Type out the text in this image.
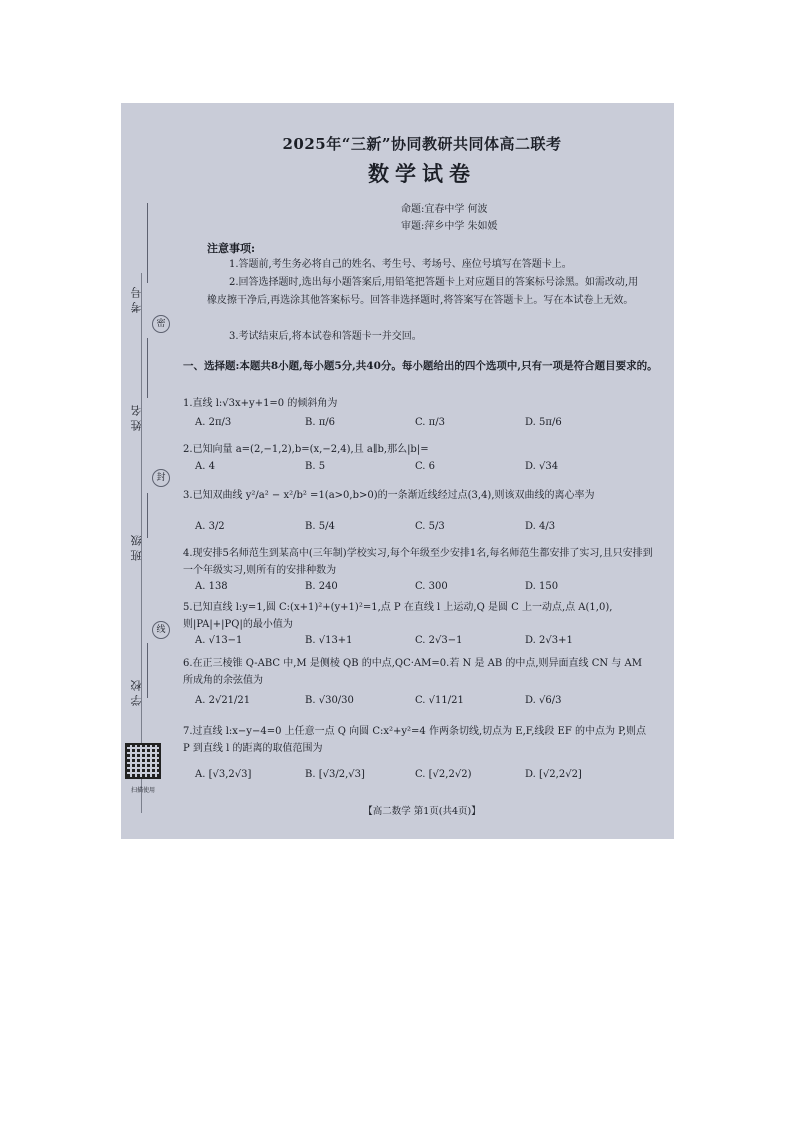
考号
密
姓名
封
班级
线
学校
扫描使用
2025年“三新”协同教研共同体高二联考
数学试卷
命题:宜春中学 何波
审题:萍乡中学 朱如媛
注意事项:
1.答题前,考生务必将自己的姓名、考生号、考场号、座位号填写在答题卡上。
2.回答选择题时,选出每小题答案后,用铅笔把答题卡上对应题目的答案标号涂黑。如需改动,用橡皮擦干净后,再选涂其他答案标号。回答非选择题时,将答案写在答题卡上。写在本试卷上无效。
3.考试结束后,将本试卷和答题卡一并交回。
一、选择题:本题共8小题,每小题5分,共40分。每小题给出的四个选项中,只有一项是符合题目要求的。
1.直线 l:√3x+y+1=0 的倾斜角为
A. 2π/3	B. π/6	C. π/3	D. 5π/6
2.已知向量 a=(2,−1,2),b=(x,−2,4),且 a∥b,那么|b|=
A. 4	B. 5	C. 6	D. √34
3.已知双曲线 y²/a² − x²/b² =1(a>0,b>0)的一条渐近线经过点(3,4),则该双曲线的离心率为
A. 3/2	B. 5/4	C. 5/3	D. 4/3
4.现安排5名师范生到某高中(三年制)学校实习,每个年级至少安排1名,每名师范生都安排了实习,且只安排到一个年级实习,则所有的安排种数为
A. 138	B. 240	C. 300	D. 150
5.已知直线 l:y=1,圆 C:(x+1)²+(y+1)²=1,点 P 在直线 l 上运动,Q 是圆 C 上一动点,点 A(1,0),则|PA|+|PQ|的最小值为
A. √13−1	B. √13+1	C. 2√3−1	D. 2√3+1
6.在正三棱锥 Q-ABC 中,M 是侧棱 QB 的中点,QC·AM=0.若 N 是 AB 的中点,则异面直线 CN 与 AM 所成角的余弦值为
A. 2√21/21	B. √30/30	C. √11/21	D. √6/3
7.过直线 l:x−y−4=0 上任意一点 Q 向圆 C:x²+y²=4 作两条切线,切点为 E,F,线段 EF 的中点为 P,则点 P 到直线 l 的距离的取值范围为
A. [√3,2√3]	B. [√3/2,√3]	C. [√2,2√2)	D. [√2,2√2]
【高二数学 第1页(共4页)】
